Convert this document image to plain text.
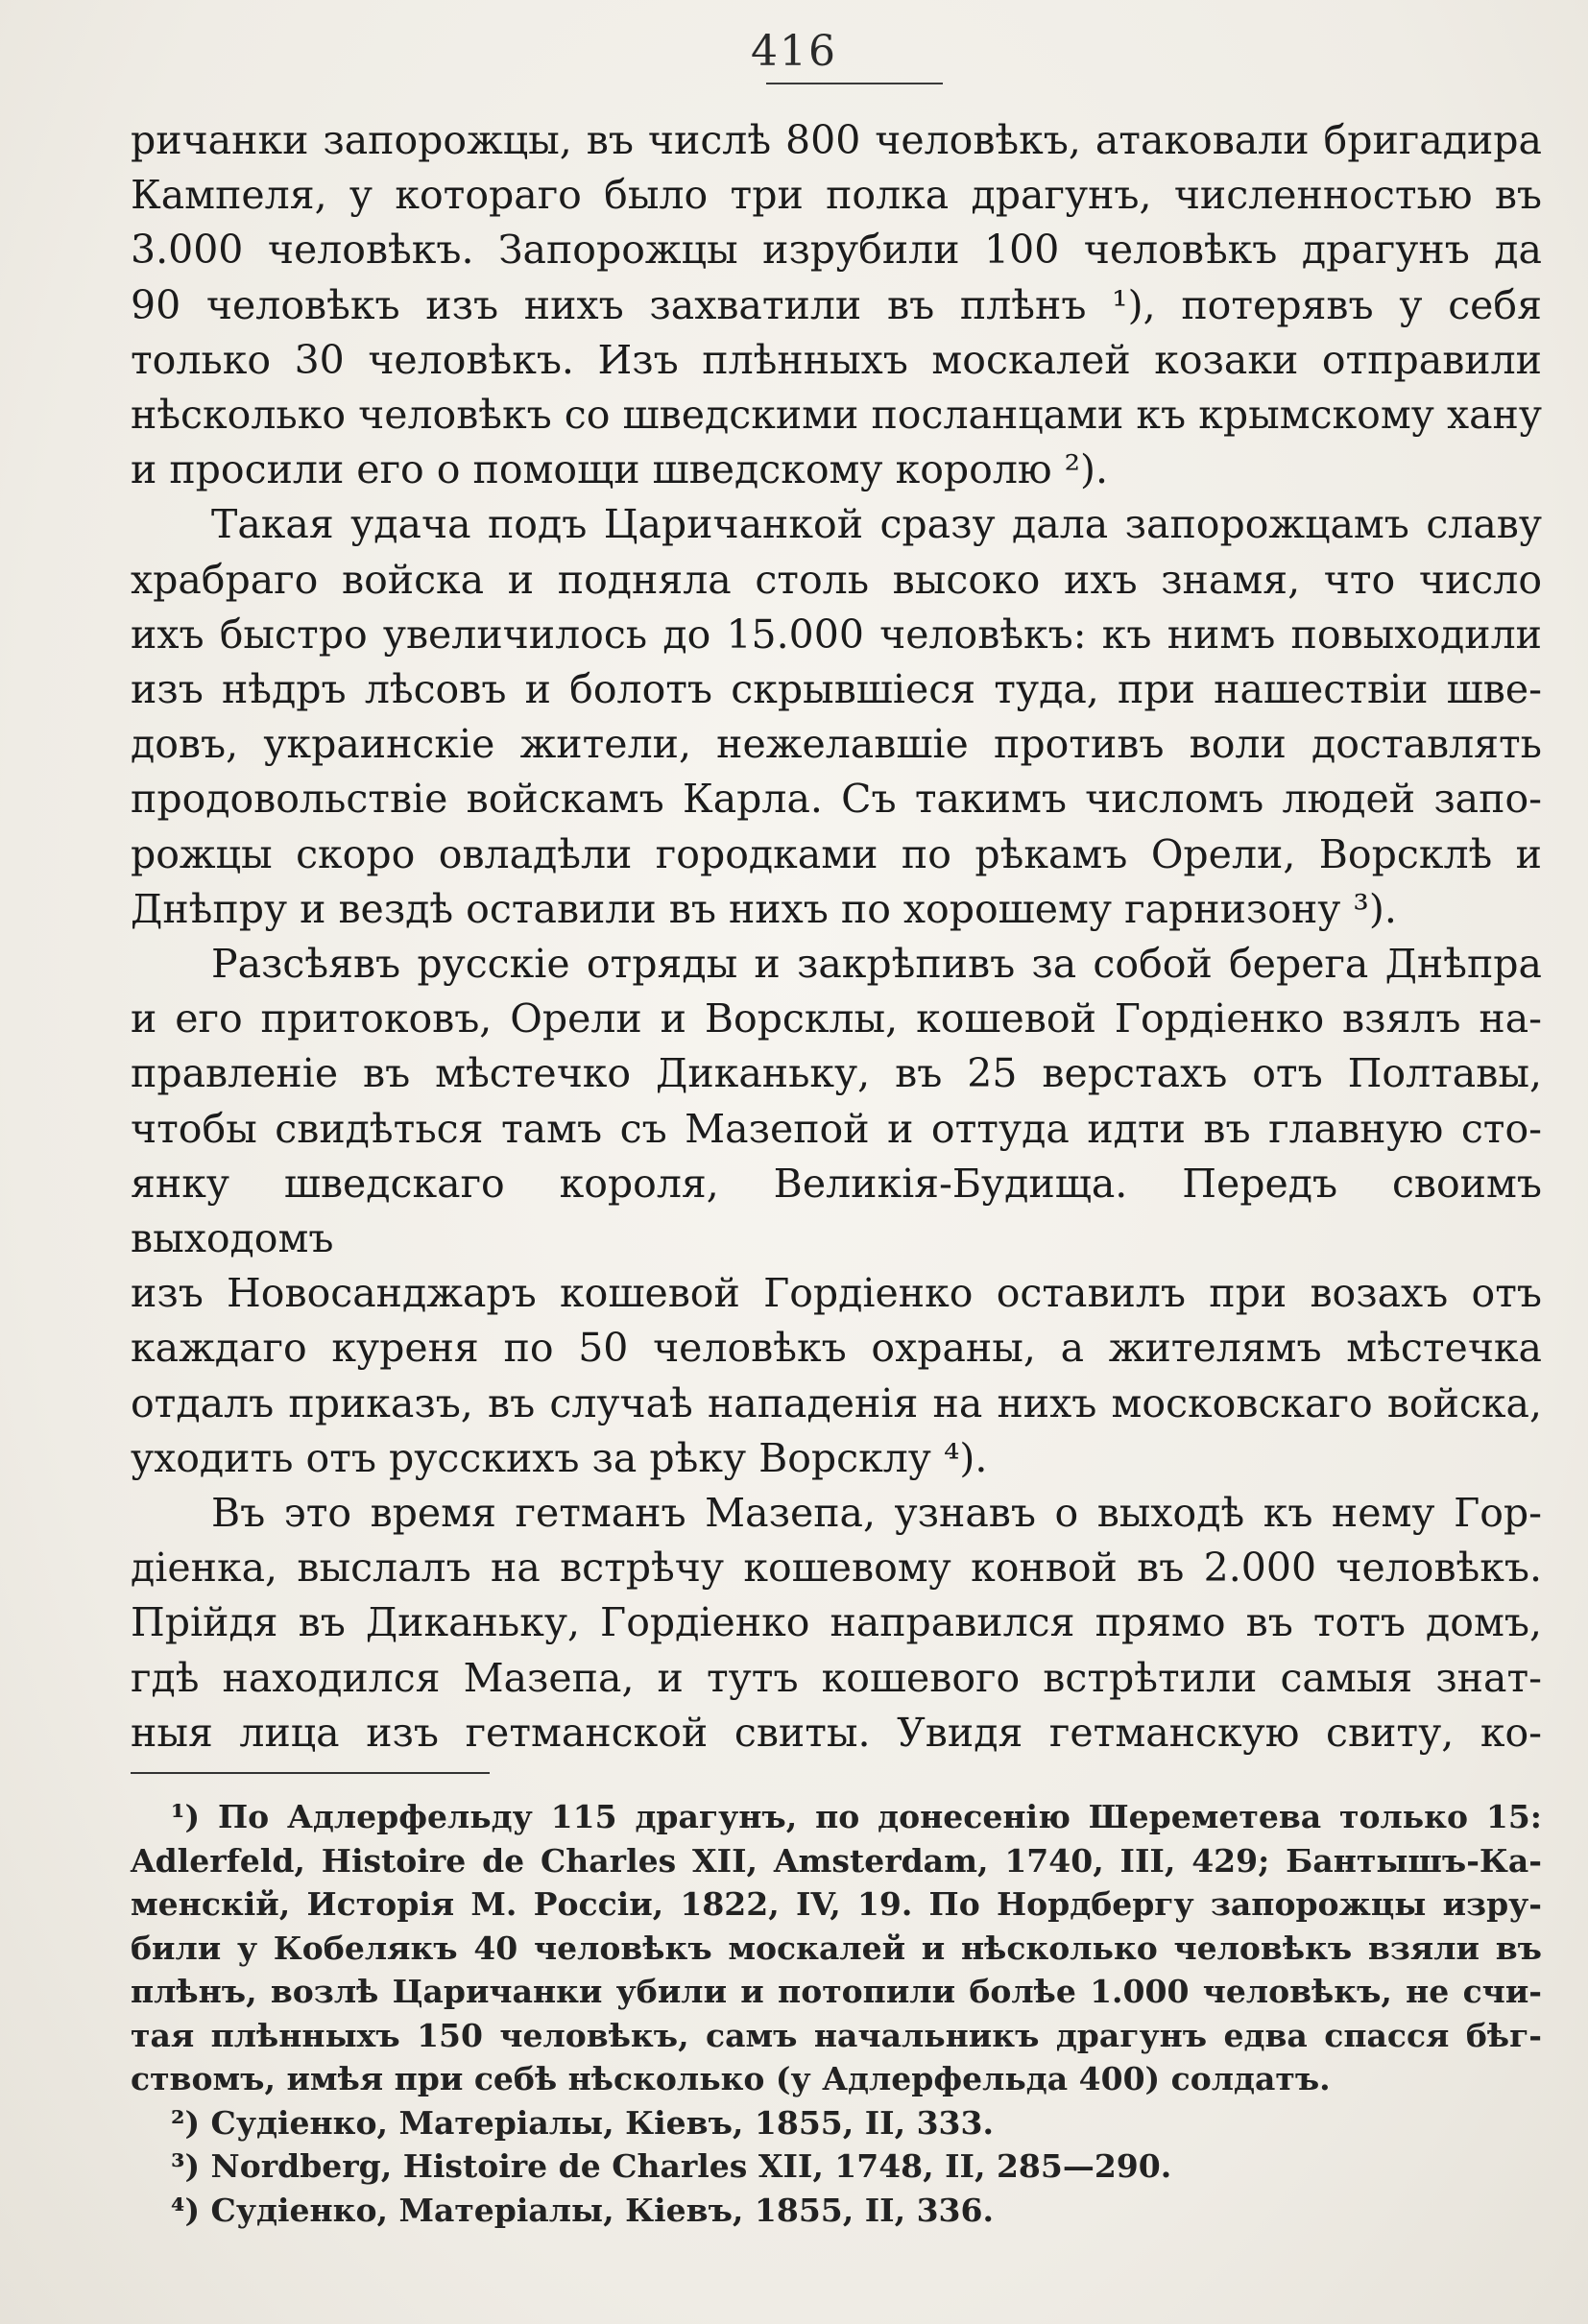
416

ричанки запорожцы, въ числѣ 800 человѣкъ, атаковали бригадира
Кампеля, у котораго было три полка драгунъ, численностью въ
3.000 человѣкъ. Запорожцы изрубили 100 человѣкъ драгунъ да
90 человѣкъ изъ нихъ захватили въ плѣнъ ¹), потерявъ у себя
только 30 человѣкъ. Изъ плѣнныхъ москалей козаки отправили
нѣсколько человѣкъ со шведскими посланцами къ крымскому хану
и просили его о помощи шведскому королю ²).

Такая удача подъ Царичанкой сразу дала запорожцамъ славу
храбраго войска и подняла столь высоко ихъ знамя, что число
ихъ быстро увеличилось до 15.000 человѣкъ: къ нимъ повыходили
изъ нѣдръ лѣсовъ и болотъ скрывшіеся туда, при нашествіи шве-
довъ, украинскіе жители, нежелавшіе противъ воли доставлять
продовольствіе войскамъ Карла. Съ такимъ числомъ людей запо-
рожцы скоро овладѣли городками по рѣкамъ Орели, Ворсклѣ и
Днѣпру и вездѣ оставили въ нихъ по хорошему гарнизону ³).

Разсѣявъ русскіе отряды и закрѣпивъ за собой берега Днѣпра
и его притоковъ, Орели и Ворсклы, кошевой Гордіенко взялъ на-
правленіе въ мѣстечко Диканьку, въ 25 верстахъ отъ Полтавы,
чтобы свидѣться тамъ съ Мазепой и оттуда идти въ главную сто-
янку шведскаго короля, Великія-Будища. Передъ своимъ выходомъ
изъ Новосанджаръ кошевой Гордіенко оставилъ при возахъ отъ
каждаго куреня по 50 человѣкъ охраны, а жителямъ мѣстечка
отдалъ приказъ, въ случаѣ нападенія на нихъ московскаго войска,
уходить отъ русскихъ за рѣку Ворсклу ⁴).

Въ это время гетманъ Мазепа, узнавъ о выходѣ къ нему Гор-
діенка, выслалъ на встрѣчу кошевому конвой въ 2.000 человѣкъ.
Прійдя въ Диканьку, Гордіенко направился прямо въ тотъ домъ,
гдѣ находился Мазепа, и тутъ кошевого встрѣтили самыя знат-
ныя лица изъ гетманской свиты. Увидя гетманскую свиту, ко-

¹) По Адлерфельду 115 драгунъ, по донесенію Шереметева только 15:
Adlerfeld, Histoire de Charles XII, Amsterdam, 1740, III, 429; Бантышъ-Ка-
менскій, Исторія М. Россіи, 1822, IV, 19. По Нордбергу запорожцы изру-
били у Кобелякъ 40 человѣкъ москалей и нѣсколько человѣкъ взяли въ
плѣнъ, возлѣ Царичанки убили и потопили болѣе 1.000 человѣкъ, не счи-
тая плѣнныхъ 150 человѣкъ, самъ начальникъ драгунъ едва спасся бѣг-
ствомъ, имѣя при себѣ нѣсколько (у Адлерфельда 400) солдатъ.
²) Судіенко, Матеріалы, Кіевъ, 1855, II, 333.
³) Nordberg, Histoire de Charles XII, 1748, II, 285—290.
⁴) Судіенко, Матеріалы, Кіевъ, 1855, II, 336.
